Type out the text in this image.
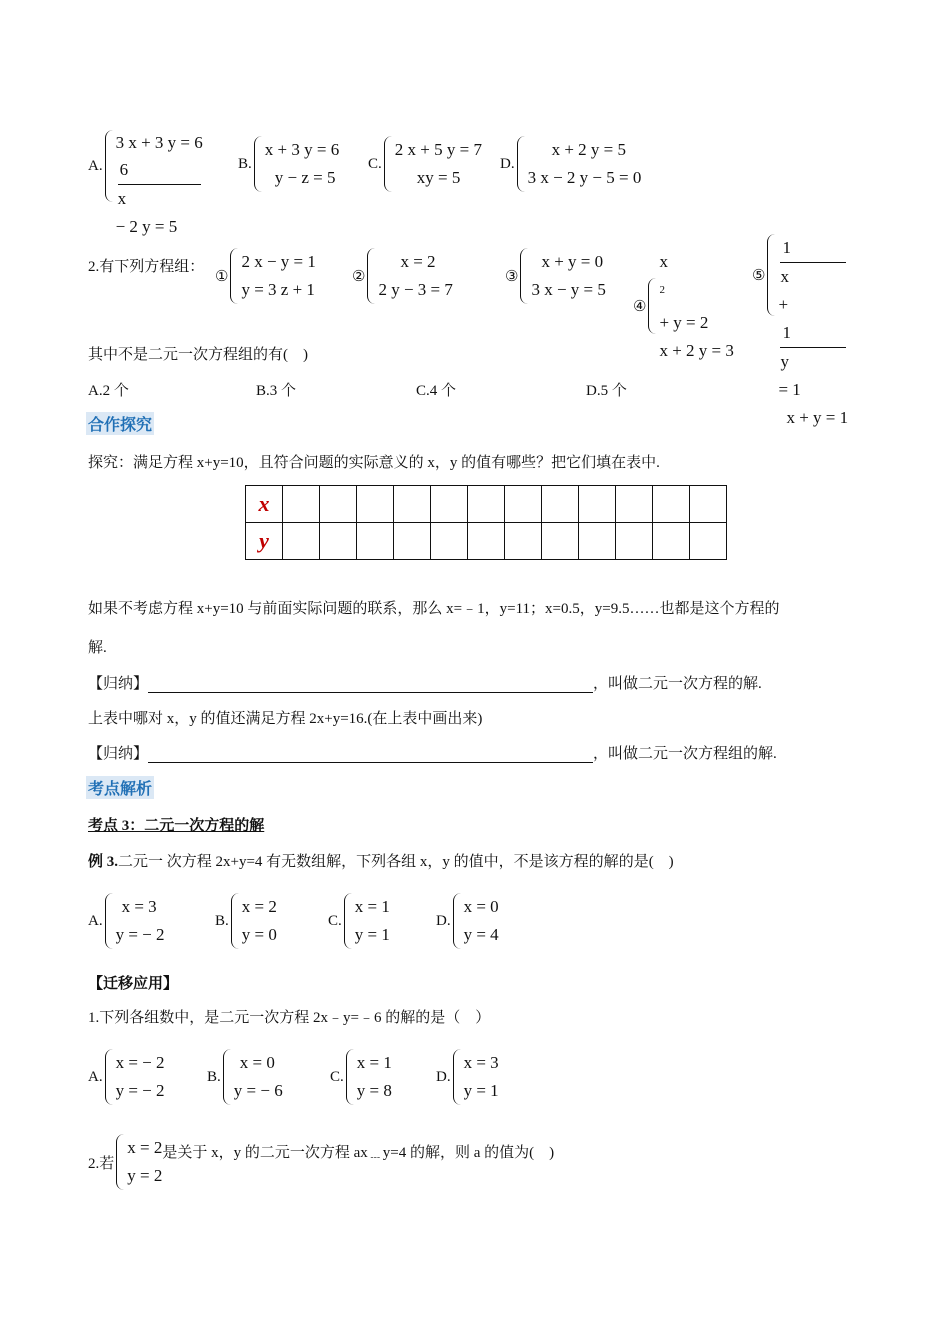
A.
3 x + 3 y = 6
6
x
− 2 y = 5
B.
x + 3 y = 6
y − z = 5
C.
2 x + 5 y = 7
xy = 5
D.
x + 2 y = 5
3 x − 2 y − 5 = 0
2.有下列方程组：
①
2 x − y = 1
y = 3 z + 1
②
x = 2
2 y − 3 = 7
③
x + y = 0
3 x − y = 5
④
x
$^2$
+ y = 2
x + 2 y = 3
⑤
1
x
+
1
y
= 1
x + y = 1
其中不是二元一次方程组的有(　)
A.2 个	B.3 个	C.4 个	D.5 个
合作探究
探究：满足方程 x+y=10，且符合问题的实际意义的 x，y 的值有哪些？把它们填在表中.
x												
y												
如果不考虑方程 x+y=10 与前面实际问题的联系，那么 x=﹣1，y=11；x=0.5，y=9.5……也都是这个方程的
解.
【归纳】	，叫做二元一次方程的解.
上表中哪对 x，y 的值还满足方程 2x+y=16.(在上表中画出来)
【归纳】	，叫做二元一次方程组的解.
考点解析
考点 3：二元一次方程的解
例 3.二元一 次方程 2x+y=4 有无数组解，下列各组 x，y 的值中，不是该方程的解的是(　)
A.
x = 3
y = − 2
B.
x = 2
y = 0
C.
x = 1
y = 1
D.
x = 0
y = 4
【迁移应用】
1.下列各组数中，是二元一次方程 2x﹣y=﹣6 的解的是（　）
A.
x = − 2
y = − 2
B.
x = 0
y = − 6
C.
x = 1
y = 8
D.
x = 3
y = 1
2.若
x = 2
y = 2
是关于 x，y 的二元一次方程 ax﹍y=4 的解，则 a 的值为(　)
